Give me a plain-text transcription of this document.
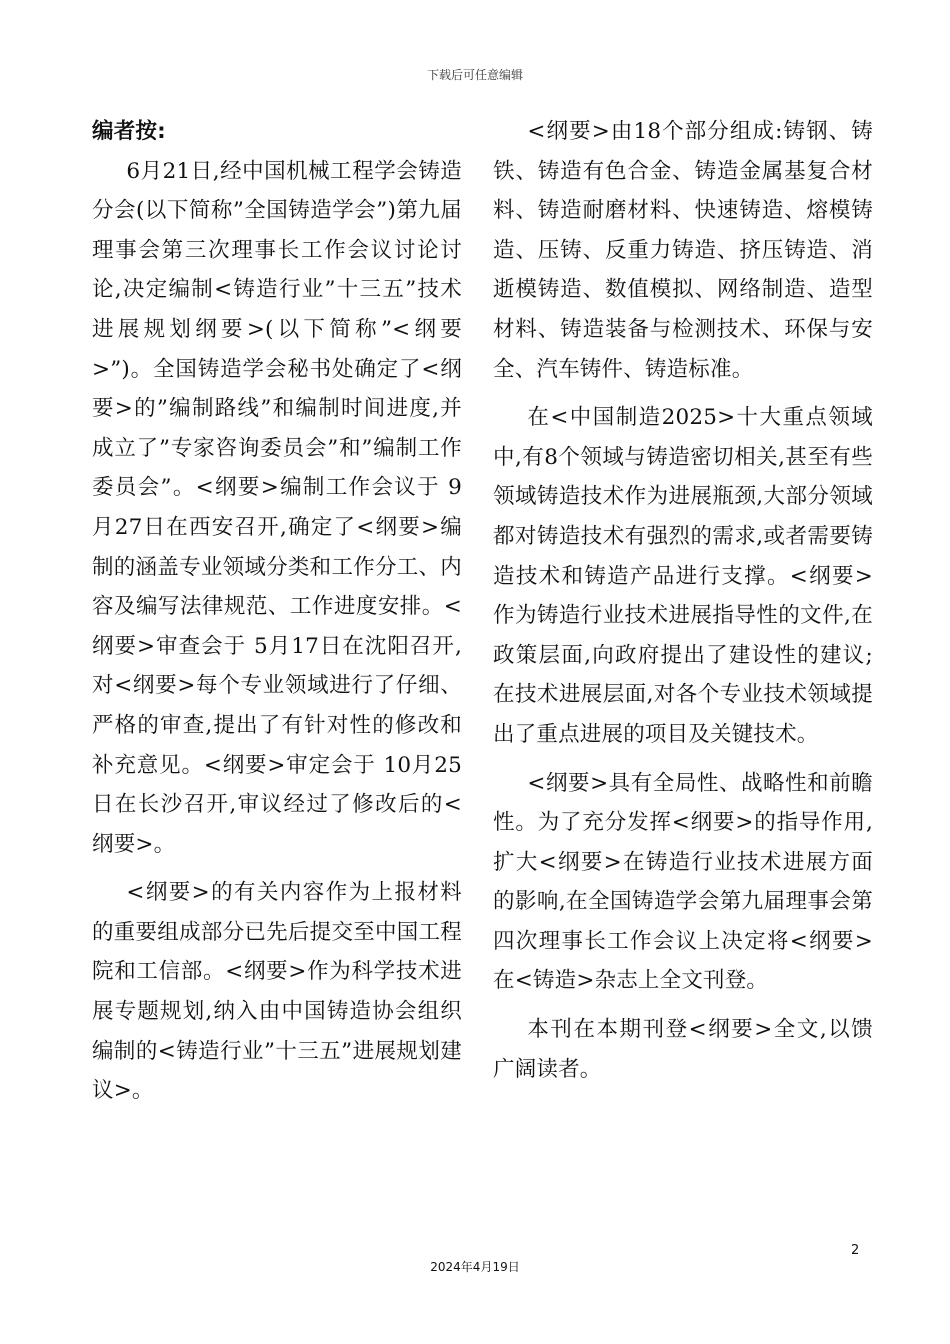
下载后可任意编辑
编者按:

6月21日,经中国机械工程学会铸造分会(以下简称”全国铸造学会”)第九届理事会第三次理事长工作会议讨论讨论,决定编制<铸造行业”十三五”技术进展规划纲要>(以下简称”<纲要>”)。全国铸造学会秘书处确定了<纲要>的”编制路线”和编制时间进度,并成立了”专家咨询委员会”和”编制工作委员会”。<纲要>编制工作会议于 9月27日在西安召开,确定了<纲要>编制的涵盖专业领域分类和工作分工、内容及编写法律规范、工作进度安排。<纲要>审查会于 5月17日在沈阳召开,对<纲要>每个专业领域进行了仔细、严格的审查,提出了有针对性的修改和补充意见。<纲要>审定会于 10月25日在长沙召开,审议经过了修改后的<纲要>。

<纲要>的有关内容作为上报材料的重要组成部分已先后提交至中国工程院和工信部。<纲要>作为科学技术进展专题规划,纳入由中国铸造协会组织编制的<铸造行业”十三五”进展规划建议>。

<纲要>由18个部分组成:铸钢、铸铁、铸造有色合金、铸造金属基复合材料、铸造耐磨材料、快速铸造、熔模铸造、压铸、反重力铸造、挤压铸造、消逝模铸造、数值模拟、网络制造、造型材料、铸造装备与检测技术、环保与安全、汽车铸件、铸造标准。

在<中国制造2025>十大重点领域中,有8个领域与铸造密切相关,甚至有些领域铸造技术作为进展瓶颈,大部分领域都对铸造技术有强烈的需求,或者需要铸造技术和铸造产品进行支撑。<纲要>作为铸造行业技术进展指导性的文件,在政策层面,向政府提出了建设性的建议;在技术进展层面,对各个专业技术领域提出了重点进展的项目及关键技术。

<纲要>具有全局性、战略性和前瞻性。为了充分发挥<纲要>的指导作用,扩大<纲要>在铸造行业技术进展方面的影响,在全国铸造学会第九届理事会第四次理事长工作会议上决定将<纲要>在<铸造>杂志上全文刊登。

本刊在本期刊登<纲要>全文,以馈广阔读者。

2
2024年4月19日
